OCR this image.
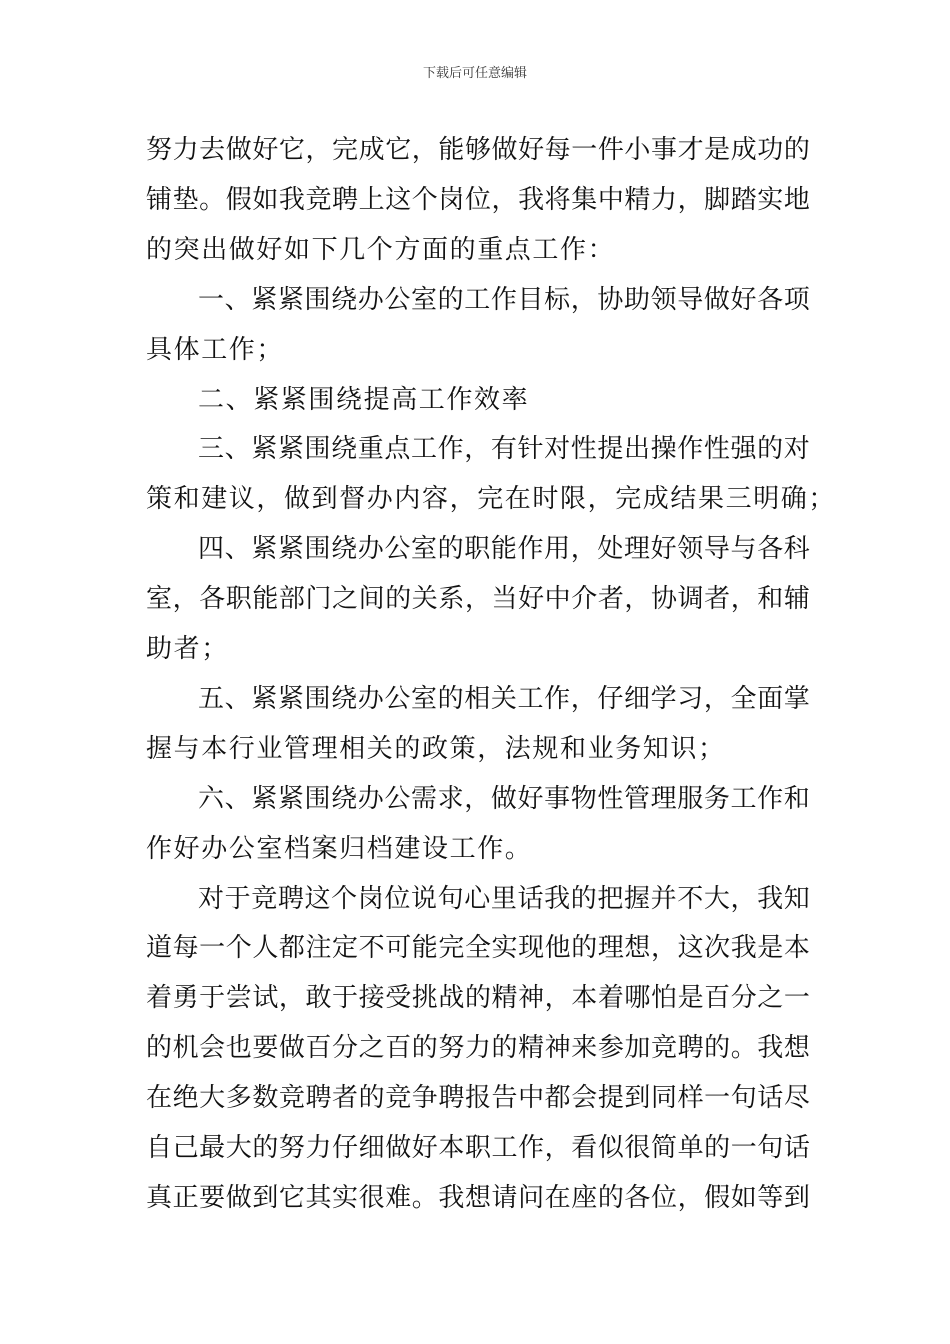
下载后可任意编辑
努 力 去 做 好 它 ， 完 成 它 ， 能 够 做 好 每 一 件 小 事 才 是 成 功 的
铺 垫 。 假 如 我 竞 聘 上 这 个 岗 位 ， 我 将 集 中 精 力 ， 脚 踏 实 地
的突出做好如下几个方面的重点工作：
一 、 紧 紧 围 绕 办 公 室 的 工 作 目 标 ， 协 助 领 导 做 好 各 项
具体工作；
二、紧紧围绕提高工作效率
三 、 紧 紧 围 绕 重 点 工 作 ， 有 针 对 性 提 出 操 作 性 强 的 对
策和建议，做到督办内容，完在时限，完成结果三明确；
四 、 紧 紧 围 绕 办 公 室 的 职 能 作 用 ， 处 理 好 领 导 与 各 科
室 ， 各 职 能 部 门 之 间 的 关 系 ， 当 好 中 介 者 ， 协 调 者 ， 和 辅
助者；
五 、 紧 紧 围 绕 办 公 室 的 相 关 工 作 ， 仔 细 学 习 ， 全 面 掌
握与本行业管理相关的政策，法规和业务知识；
六 、 紧 紧 围 绕 办 公 需 求 ， 做 好 事 物 性 管 理 服 务 工 作 和
作好办公室档案归档建设工作。
对 于 竞 聘 这 个 岗 位 说 句 心 里 话 我 的 把 握 并 不 大 ， 我 知
道 每 一 个 人 都 注 定 不 可 能 完 全 实 现 他 的 理 想 ， 这 次 我 是 本
着 勇 于 尝 试 ， 敢 于 接 受 挑 战 的 精 神 ， 本 着 哪 怕 是 百 分 之 一
的 机 会 也 要 做 百 分 之 百 的 努 力 的 精 神 来 参 加 竞 聘 的 。 我 想
在 绝 大 多 数 竞 聘 者 的 竞 争 聘 报 告 中 都 会 提 到 同 样 一 句 话 尽
自 己 最 大 的 努 力 仔 细 做 好 本 职 工 作 ， 看 似 很 简 单 的 一 句 话
真 正 要 做 到 它 其 实 很 难 。 我 想 请 问 在 座 的 各 位 ， 假 如 等 到
